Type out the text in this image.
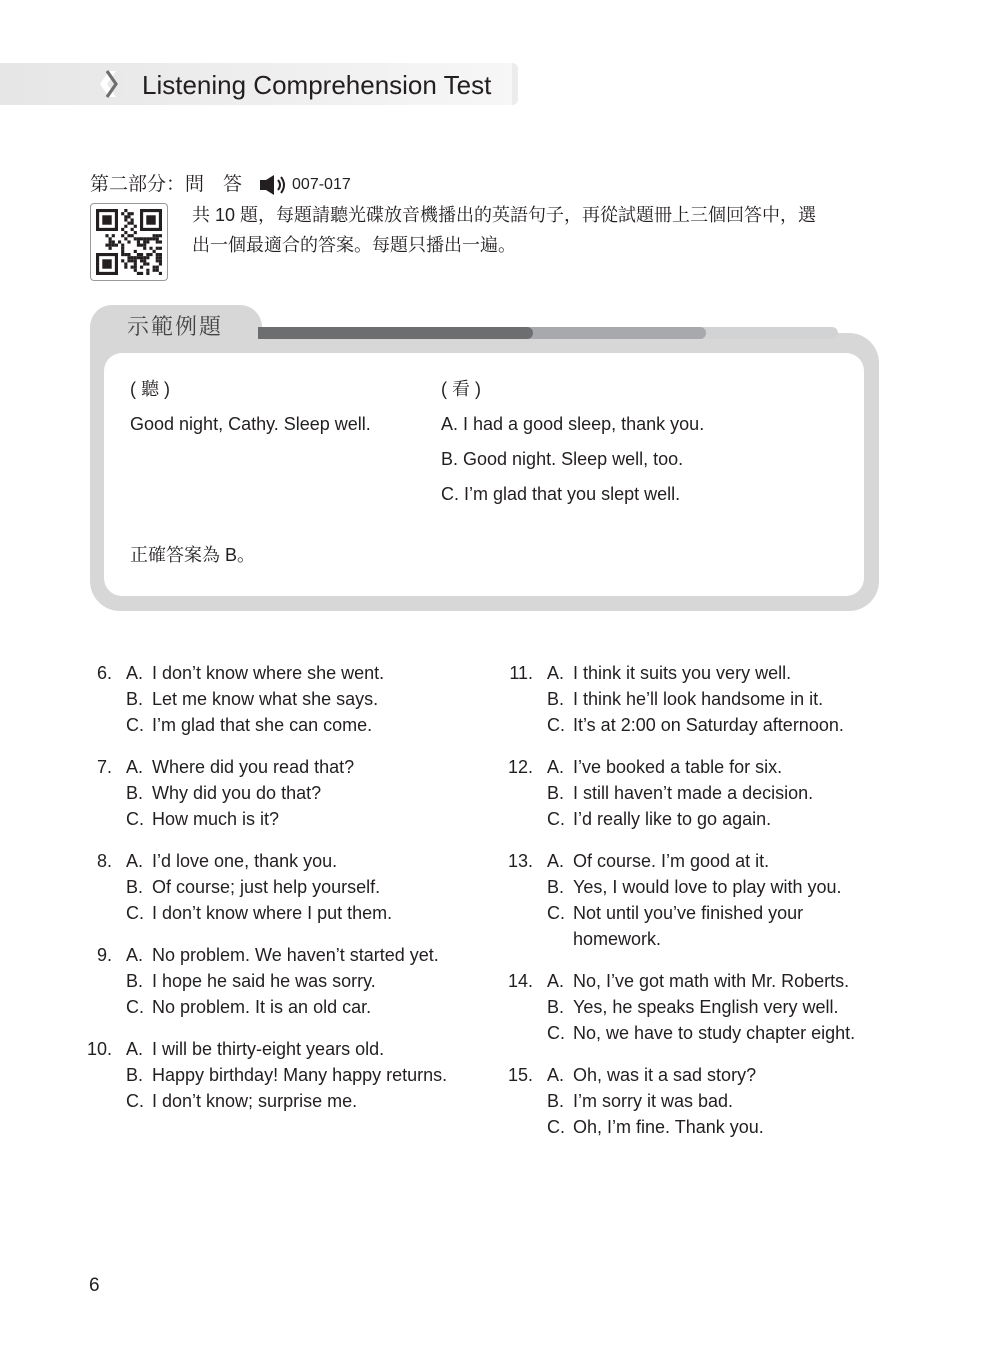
Listening Comprehension Test
第二部分：問　答	007-017

共 10 題，每題請聽光碟放音機播出的英語句子，再從試題冊上三個回答中，選

出一個最適合的答案。每題只播出一遍。

示範例題
( 聽 )	( 看 )
Good night, Cathy. Sleep well.	A. I had a good sleep, thank you.
B. Good night. Sleep well, too.
C. I’m glad that you slept well.
正確答案為 B。
6. A. I don’t know where she went.
B. Let me know what she says.
C. I’m glad that she can come.
7. A. Where did you read that?
B. Why did you do that?
C. How much is it?
8. A. I’d love one, thank you.
B. Of course; just help yourself.
C. I don’t know where I put them.
9. A. No problem. We haven’t started yet.
B. I hope he said he was sorry.
C. No problem. It is an old car.
10. A. I will be thirty-eight years old.
B. Happy birthday! Many happy returns.
C. I don’t know; surprise me.
11. A. I think it suits you very well.
B. I think he’ll look handsome in it.
C. It’s at 2:00 on Saturday afternoon.
12. A. I’ve booked a table for six.
B. I still haven’t made a decision.
C. I’d really like to go again.
13. A. Of course. I’m good at it.
B. Yes, I would love to play with you.
C. Not until you’ve finished your homework.
14. A. No, I’ve got math with Mr. Roberts.
B. Yes, he speaks English very well.
C. No, we have to study chapter eight.
15. A. Oh, was it a sad story?
B. I’m sorry it was bad.
C. Oh, I’m fine. Thank you.
6
